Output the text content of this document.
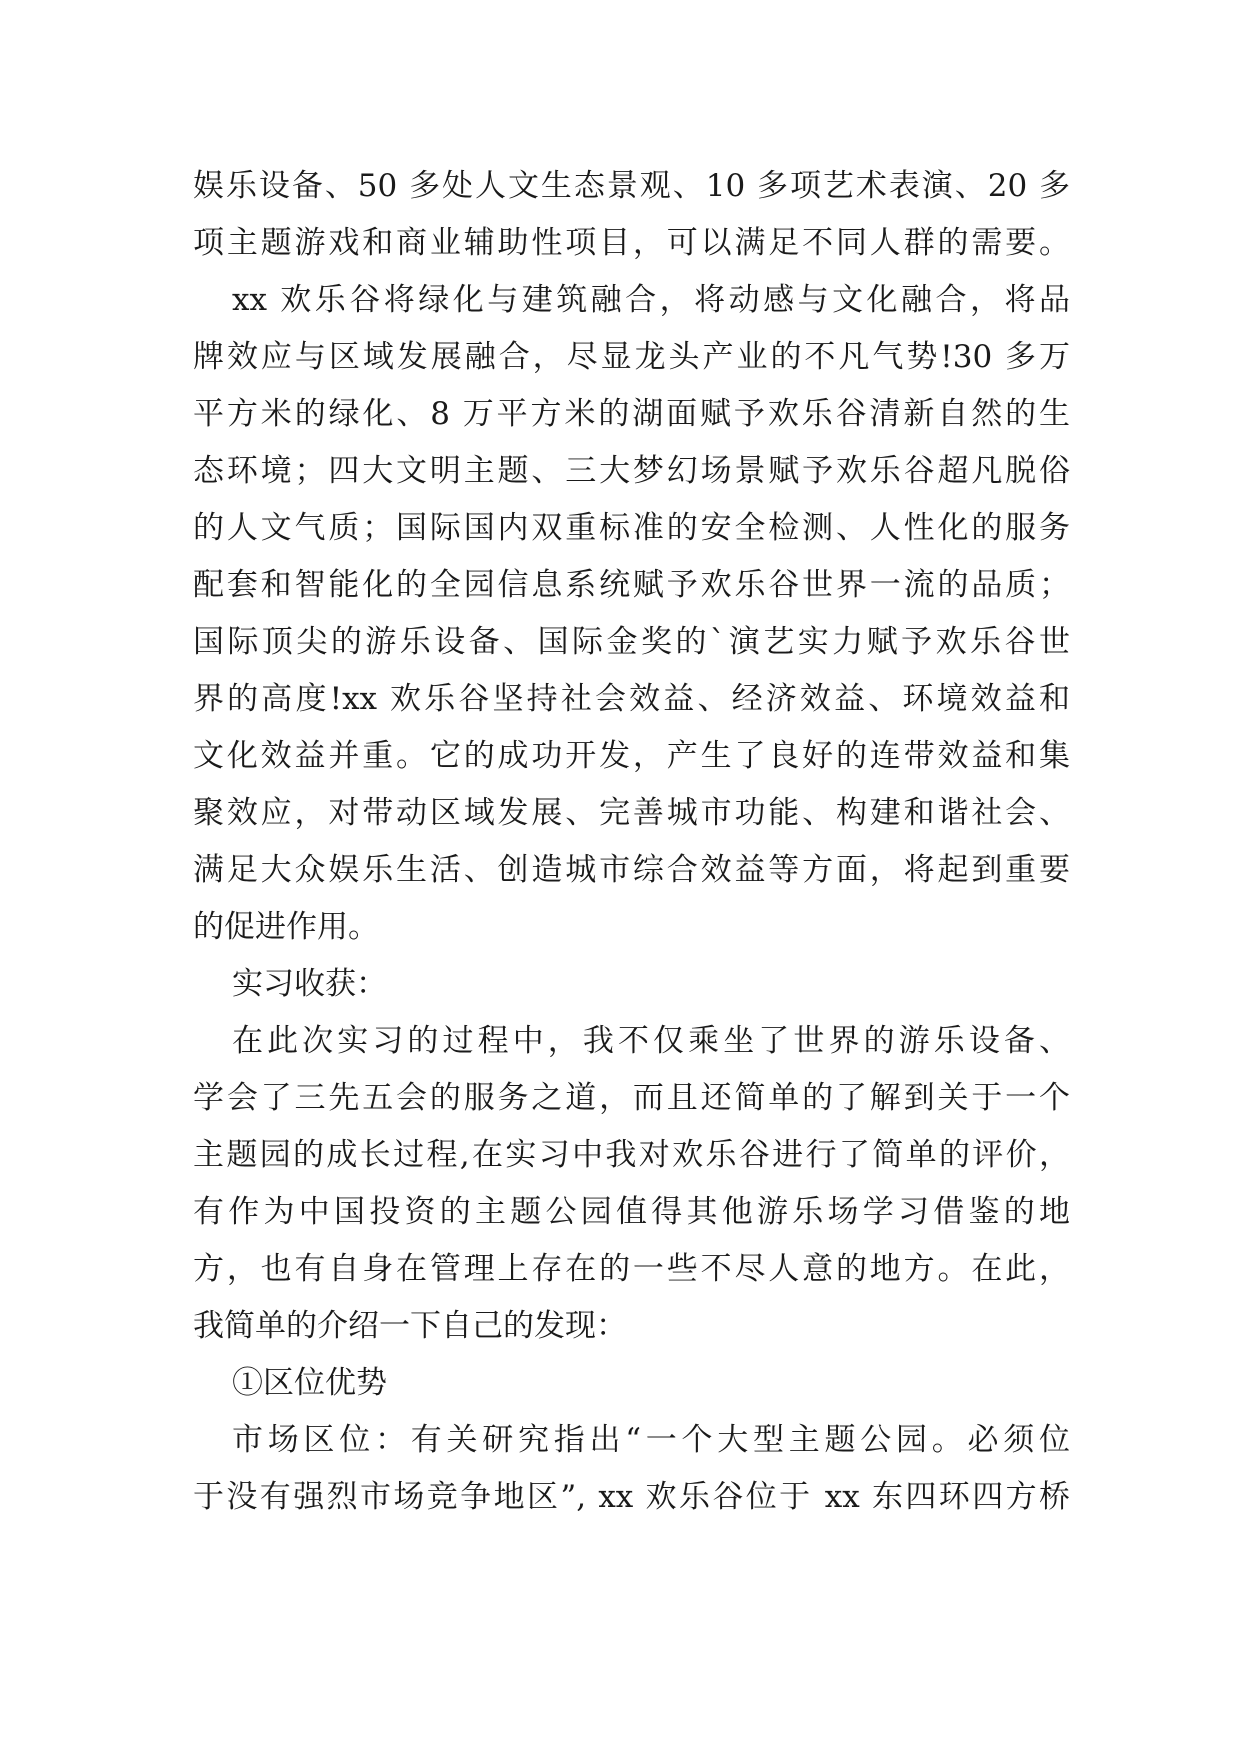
娱乐设备、50 多处人文生态景观、10 多项艺术表演、20 多
项主题游戏和商业辅助性项目，可以满足不同人群的需要。
xx 欢乐谷将绿化与建筑融合，将动感与文化融合，将品
牌效应与区域发展融合，尽显龙头产业的不凡气势!30 多万
平方米的绿化、8 万平方米的湖面赋予欢乐谷清新自然的生
态环境；四大文明主题、三大梦幻场景赋予欢乐谷超凡脱俗
的人文气质；国际国内双重标准的安全检测、人性化的服务
配套和智能化的全园信息系统赋予欢乐谷世界一流的品质；
国际顶尖的游乐设备、国际金奖的`演艺实力赋予欢乐谷世
界的高度!xx 欢乐谷坚持社会效益、经济效益、环境效益和
文化效益并重。它的成功开发，产生了良好的连带效益和集
聚效应，对带动区域发展、完善城市功能、构建和谐社会、
满足大众娱乐生活、创造城市综合效益等方面，将起到重要
的促进作用。
实习收获：
在此次实习的过程中，我不仅乘坐了世界的游乐设备、
学会了三先五会的服务之道，而且还简单的了解到关于一个
主题园的成长过程,在实习中我对欢乐谷进行了简单的评价，
有作为中国投资的主题公园值得其他游乐场学习借鉴的地
方，也有自身在管理上存在的一些不尽人意的地方。在此，
我简单的介绍一下自己的发现：
①区位优势
市场区位：有关研究指出“一个大型主题公园。必须位
于没有强烈市场竞争地区”, xx 欢乐谷位于 xx 东四环四方桥
